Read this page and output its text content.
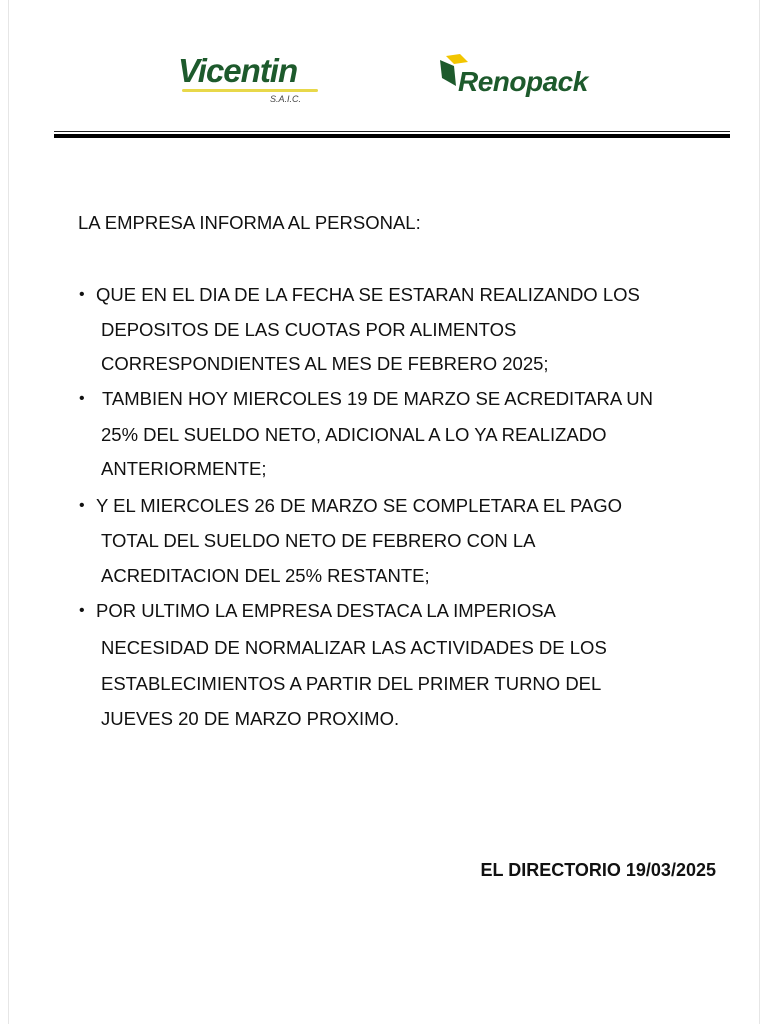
Vicentin
S.A.I.C.
Renopack
LA EMPRESA INFORMA AL PERSONAL:
• QUE EN EL DIA DE LA FECHA SE ESTARAN REALIZANDO LOS
DEPOSITOS DE LAS CUOTAS POR ALIMENTOS
CORRESPONDIENTES AL MES DE FEBRERO 2025;
• TAMBIEN HOY MIERCOLES 19 DE MARZO SE ACREDITARA UN
25% DEL SUELDO NETO, ADICIONAL A LO YA REALIZADO
ANTERIORMENTE;
• Y EL MIERCOLES 26 DE MARZO SE COMPLETARA EL PAGO
TOTAL DEL SUELDO NETO DE FEBRERO CON LA
ACREDITACION DEL 25% RESTANTE;
• POR ULTIMO LA EMPRESA DESTACA LA IMPERIOSA
NECESIDAD DE NORMALIZAR LAS ACTIVIDADES DE LOS
ESTABLECIMIENTOS A PARTIR DEL PRIMER TURNO DEL
JUEVES 20 DE MARZO PROXIMO.
EL DIRECTORIO 19/03/2025
